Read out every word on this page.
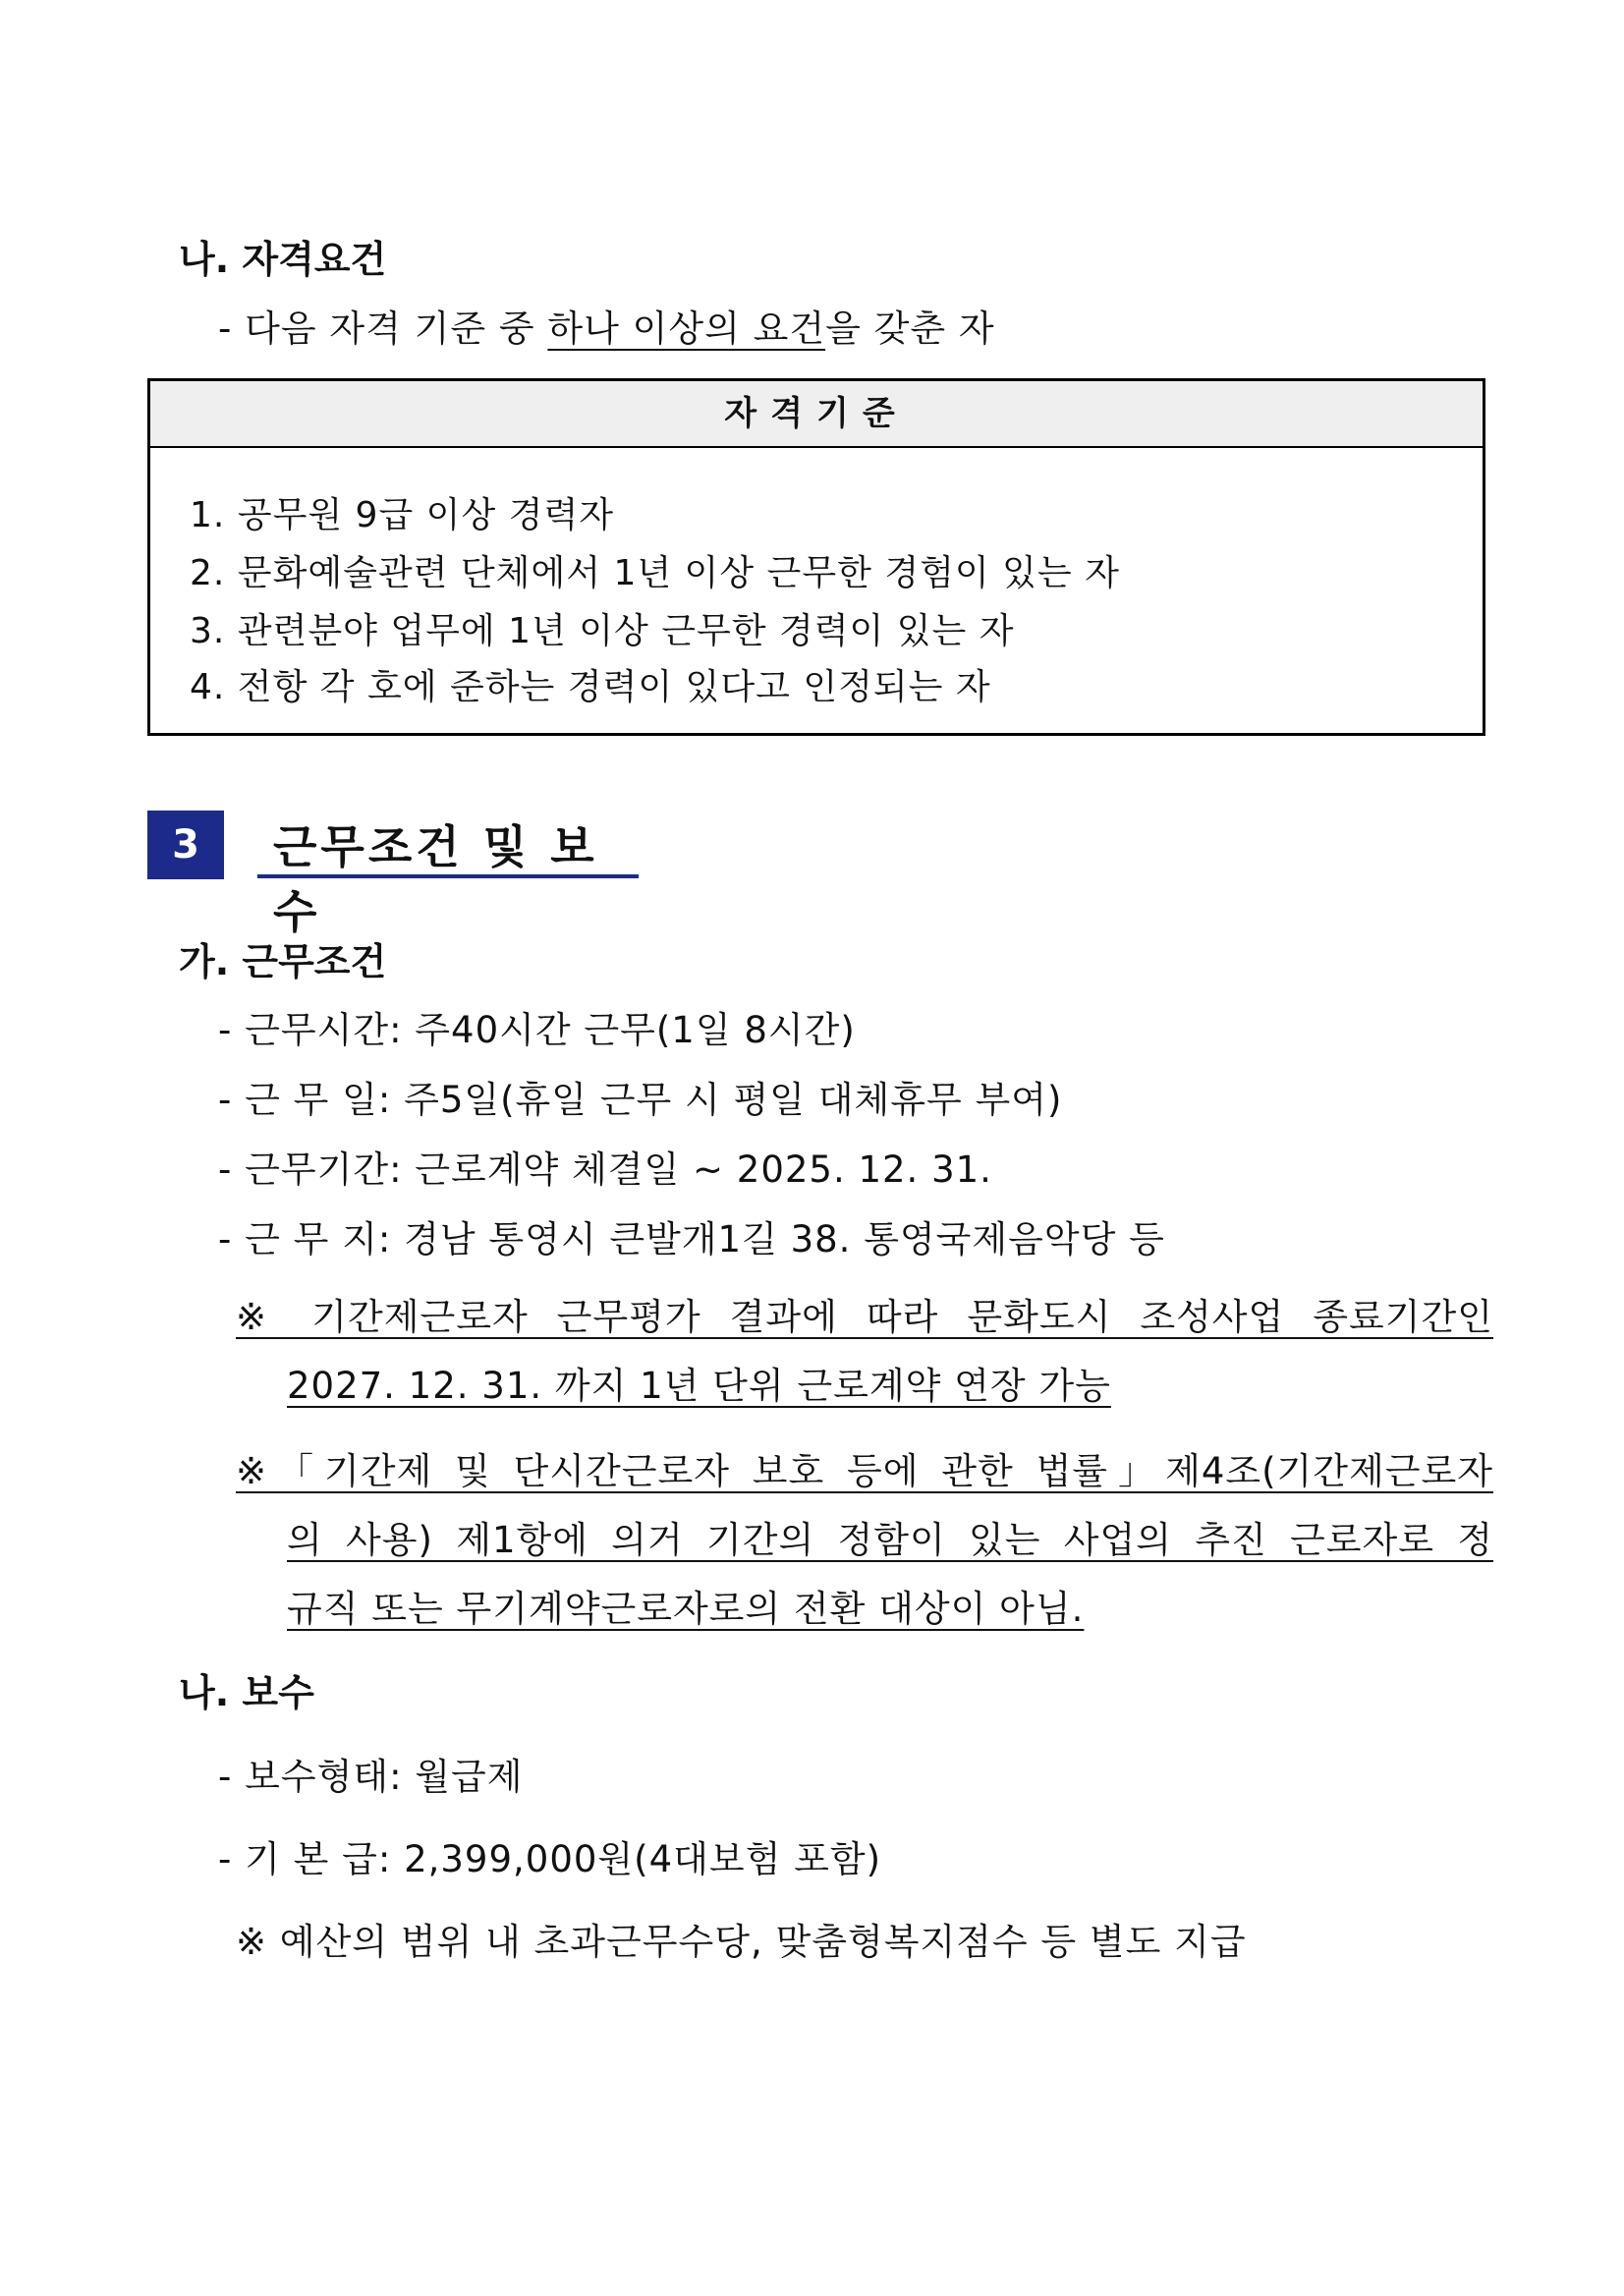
나. 자격요건
- 다음 자격 기준 중 하나 이상의 요건을 갖춘 자
자격기준
1. 공무원 9급 이상 경력자
2. 문화예술관련 단체에서 1년 이상 근무한 경험이 있는 자
3. 관련분야 업무에 1년 이상 근무한 경력이 있는 자
4. 전항 각 호에 준하는 경력이 있다고 인정되는 자
3	근무조건 및 보수
가. 근무조건
- 근무시간: 주40시간 근무(1일 8시간)
- 근 무 일: 주5일(휴일 근무 시 평일 대체휴무 부여)
- 근무기간: 근로계약 체결일 ~ 2025. 12. 31.
- 근 무 지: 경남 통영시 큰발개1길 38. 통영국제음악당 등
※ 기간제근로자 근무평가 결과에 따라 문화도시 조성사업 종료기간인
2027. 12. 31. 까지 1년 단위 근로계약 연장 가능
※「기간제 및 단시간근로자 보호 등에 관한 법률」제4조(기간제근로자
의 사용) 제1항에 의거 기간의 정함이 있는 사업의 추진 근로자로 정
규직 또는 무기계약근로자로의 전환 대상이 아님.
나. 보수
- 보수형태: 월급제
- 기 본 급: 2,399,000원(4대보험 포함)
※ 예산의 범위 내 초과근무수당, 맞춤형복지점수 등 별도 지급
